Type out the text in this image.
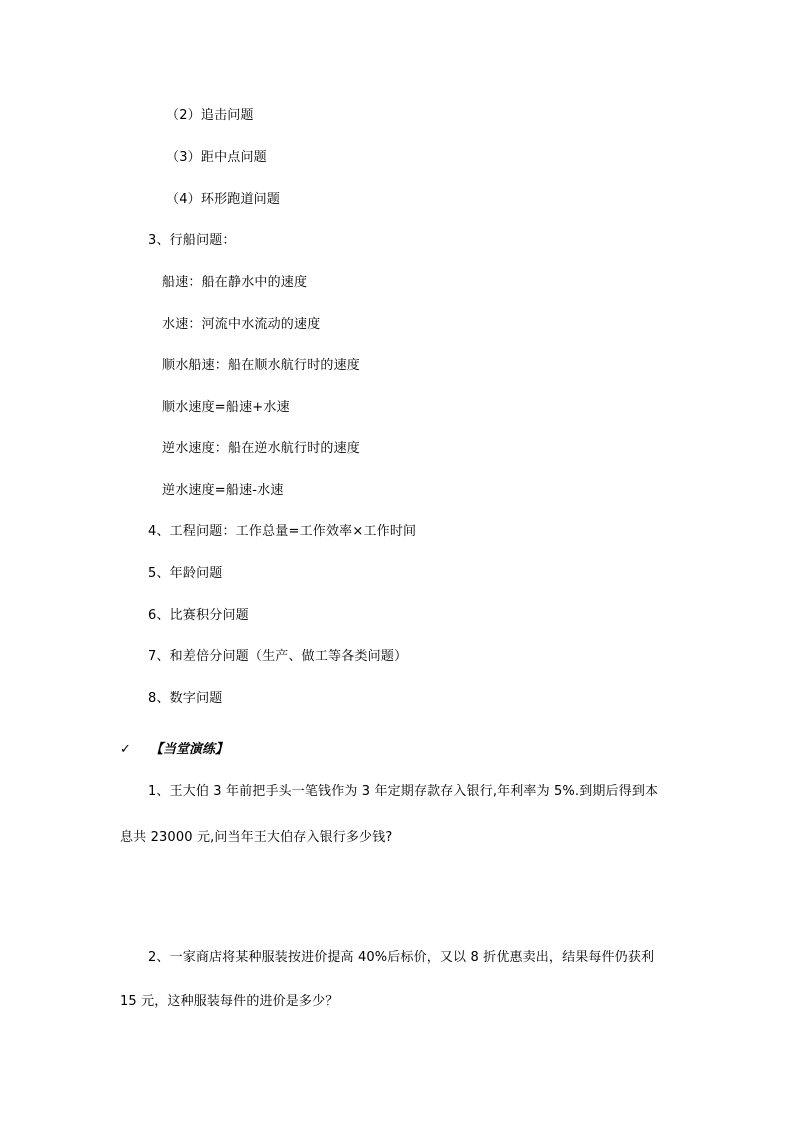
（2）追击问题
（3）距中点问题
（4）环形跑道问题
3、行船问题：
船速：船在静水中的速度
水速：河流中水流动的速度
顺水船速：船在顺水航行时的速度
顺水速度=船速+水速
逆水速度：船在逆水航行时的速度
逆水速度=船速-水速
4、工程问题：工作总量=工作效率×工作时间
5、年龄问题
6、比赛积分问题
7、和差倍分问题（生产、做工等各类问题）
8、数字问题
✓ 【当堂演练】
1、王大伯 3 年前把手头一笔钱作为 3 年定期存款存入银行,年利率为 5%.到期后得到本
息共 23000 元,问当年王大伯存入银行多少钱?
2、一家商店将某种服装按进价提高 40%后标价，又以 8 折优惠卖出，结果每件仍获利
15 元，这种服装每件的进价是多少？
